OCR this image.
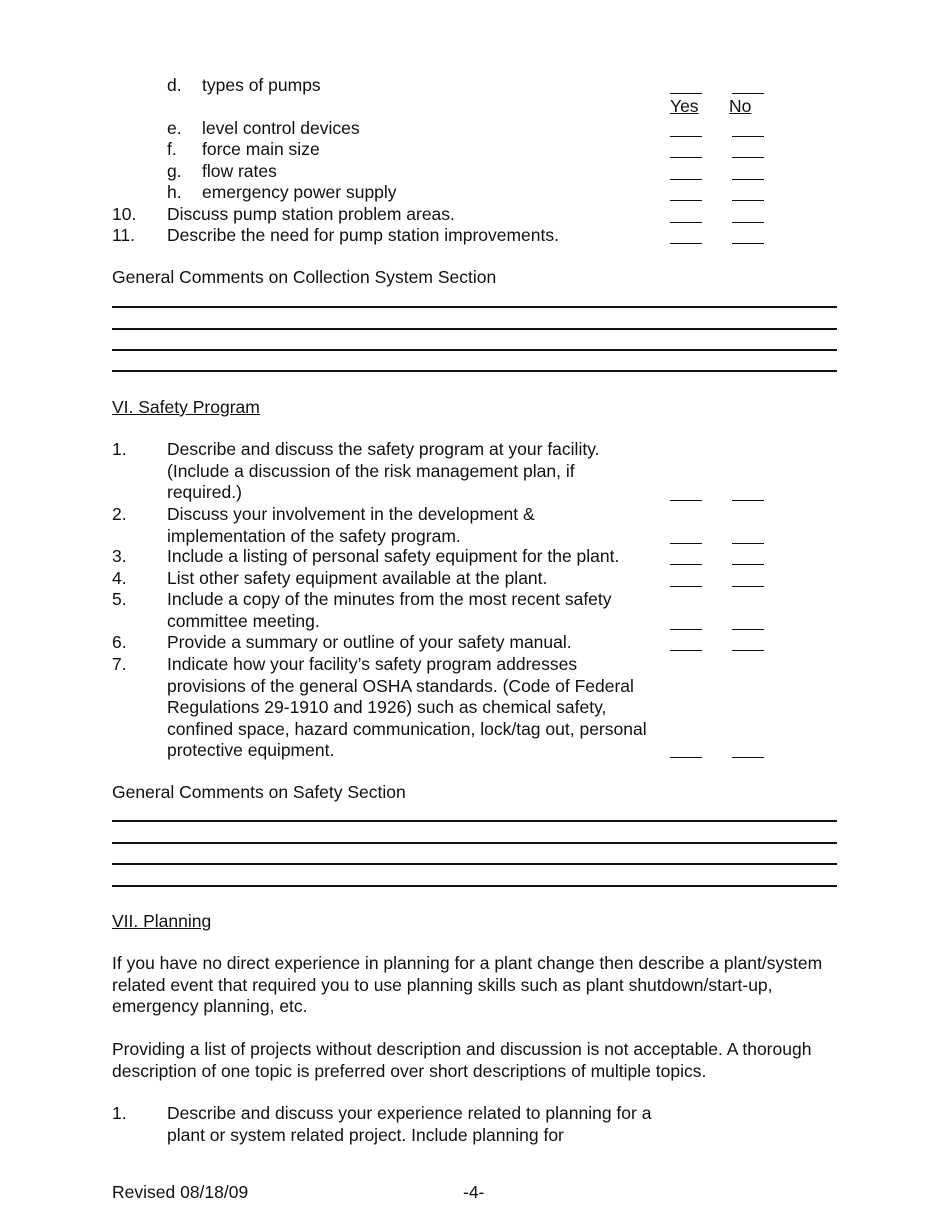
d. types of pumps
Yes No
e. level control devices
f. force main size
g. flow rates
h. emergency power supply
10. Discuss pump station problem areas.
11. Describe the need for pump station improvements.
General Comments on Collection System Section
VI. Safety Program
1. Describe and discuss the safety program at your facility. (Include a discussion of the risk management plan, if required.)
2. Discuss your involvement in the development & implementation of the safety program.
3. Include a listing of personal safety equipment for the plant.
4. List other safety equipment available at the plant.
5. Include a copy of the minutes from the most recent safety committee meeting.
6. Provide a summary or outline of your safety manual.
7. Indicate how your facility’s safety program addresses provisions of the general OSHA standards. (Code of Federal Regulations 29-1910 and 1926) such as chemical safety, confined space, hazard communication, lock/tag out, personal protective equipment.
General Comments on Safety Section
VII. Planning
If you have no direct experience in planning for a plant change then describe a plant/system related event that required you to use planning skills such as plant shutdown/start-up, emergency planning, etc.
Providing a list of projects without description and discussion is not acceptable. A thorough description of one topic is preferred over short descriptions of multiple topics.
1. Describe and discuss your experience related to planning for a plant or system related project. Include planning for
Revised 08/18/09	-4-
